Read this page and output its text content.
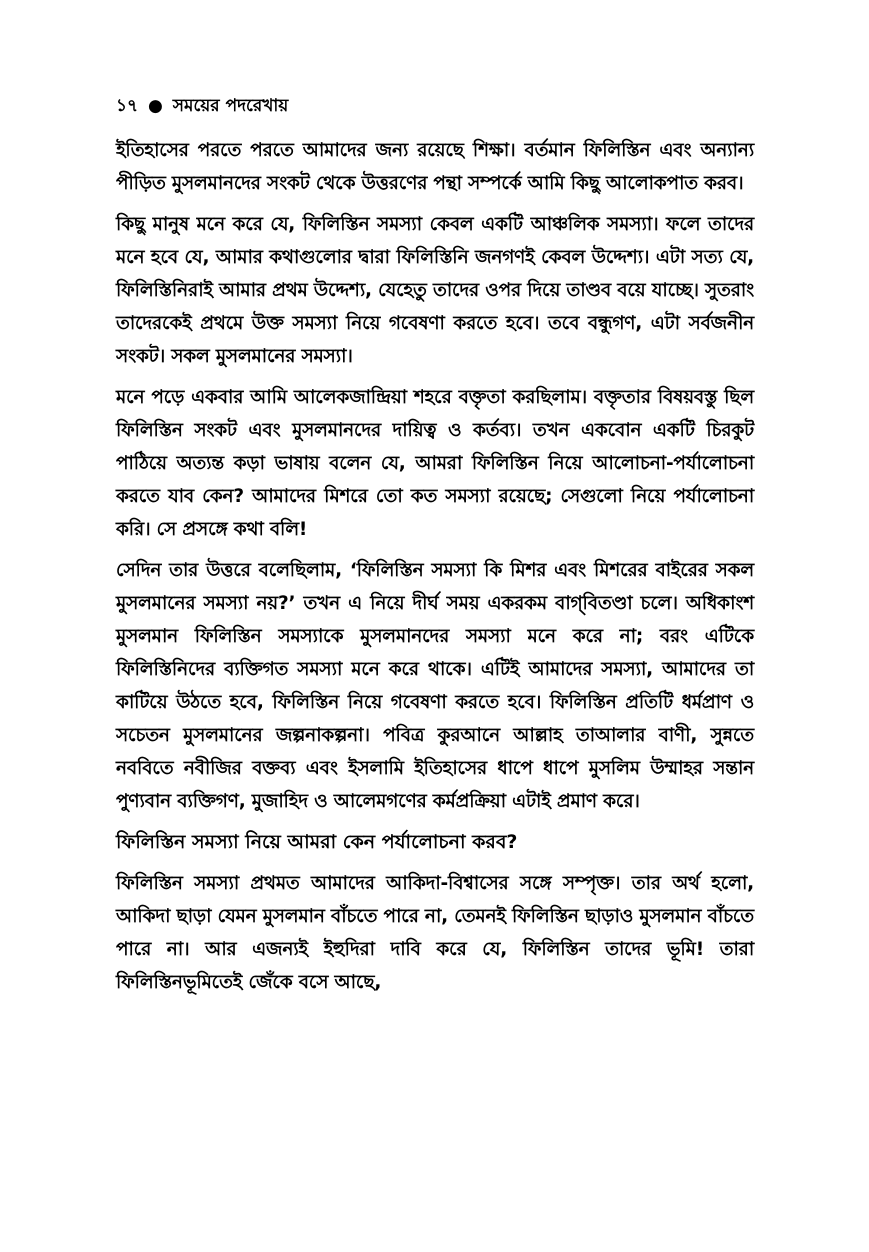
১৭ ● সময়ের পদরেখায়

ইতিহাসের পরতে পরতে আমাদের জন্য রয়েছে শিক্ষা। বর্তমান ফিলিস্তিন এবং অন্যান্য পীড়িত মুসলমানদের সংকট থেকে উত্তরণের পন্থা সম্পর্কে আমি কিছু আলোকপাত করব।

কিছু মানুষ মনে করে যে, ফিলিস্তিন সমস্যা কেবল একটি আঞ্চলিক সমস্যা। ফলে তাদের মনে হবে যে, আমার কথাগুলোর দ্বারা ফিলিস্তিনি জনগণই কেবল উদ্দেশ্য। এটা সত্য যে, ফিলিস্তিনিরাই আমার প্রথম উদ্দেশ্য, যেহেতু তাদের ওপর দিয়ে তাণ্ডব বয়ে যাচ্ছে। সুতরাং তাদেরকেই প্রথমে উক্ত সমস্যা নিয়ে গবেষণা করতে হবে। তবে বন্ধুগণ, এটা সর্বজনীন সংকট। সকল মুসলমানের সমস্যা।

মনে পড়ে একবার আমি আলেকজান্দ্রিয়া শহরে বক্তৃতা করছিলাম। বক্তৃতার বিষয়বস্তু ছিল ফিলিস্তিন সংকট এবং মুসলমানদের দায়িত্ব ও কর্তব্য। তখন একবোন একটি চিরকুট পাঠিয়ে অত্যন্ত কড়া ভাষায় বলেন যে, আমরা ফিলিস্তিন নিয়ে আলোচনা-পর্যালোচনা করতে যাব কেন? আমাদের মিশরে তো কত সমস্যা রয়েছে; সেগুলো নিয়ে পর্যালোচনা করি। সে প্রসঙ্গে কথা বলি!

সেদিন তার উত্তরে বলেছিলাম, ‘ফিলিস্তিন সমস্যা কি মিশর এবং মিশরের বাইরের সকল মুসলমানের সমস্যা নয়?’ তখন এ নিয়ে দীর্ঘ সময় একরকম বাগ্‌বিতণ্ডা চলে। অধিকাংশ মুসলমান ফিলিস্তিন সমস্যাকে মুসলমানদের সমস্যা মনে করে না; বরং এটিকে ফিলিস্তিনিদের ব্যক্তিগত সমস্যা মনে করে থাকে। এটিই আমাদের সমস্যা, আমাদের তা কাটিয়ে উঠতে হবে, ফিলিস্তিন নিয়ে গবেষণা করতে হবে। ফিলিস্তিন প্রতিটি ধর্মপ্রাণ ও সচেতন মুসলমানের জল্পনাকল্পনা। পবিত্র কুরআনে আল্লাহ তাআলার বাণী, সুন্নতে নববিতে নবীজির বক্তব্য এবং ইসলামি ইতিহাসের ধাপে ধাপে মুসলিম উম্মাহর সন্তান পুণ্যবান ব্যক্তিগণ, মুজাহিদ ও আলেমগণের কর্মপ্রক্রিয়া এটাই প্রমাণ করে।

ফিলিস্তিন সমস্যা নিয়ে আমরা কেন পর্যালোচনা করব?

ফিলিস্তিন সমস্যা প্রথমত আমাদের আকিদা-বিশ্বাসের সঙ্গে সম্পৃক্ত। তার অর্থ হলো, আকিদা ছাড়া যেমন মুসলমান বাঁচতে পারে না, তেমনই ফিলিস্তিন ছাড়াও মুসলমান বাঁচতে পারে না। আর এজন্যই ইহুদিরা দাবি করে যে, ফিলিস্তিন তাদের ভূমি! তারা ফিলিস্তিনভূমিতেই জেঁকে বসে আছে,
